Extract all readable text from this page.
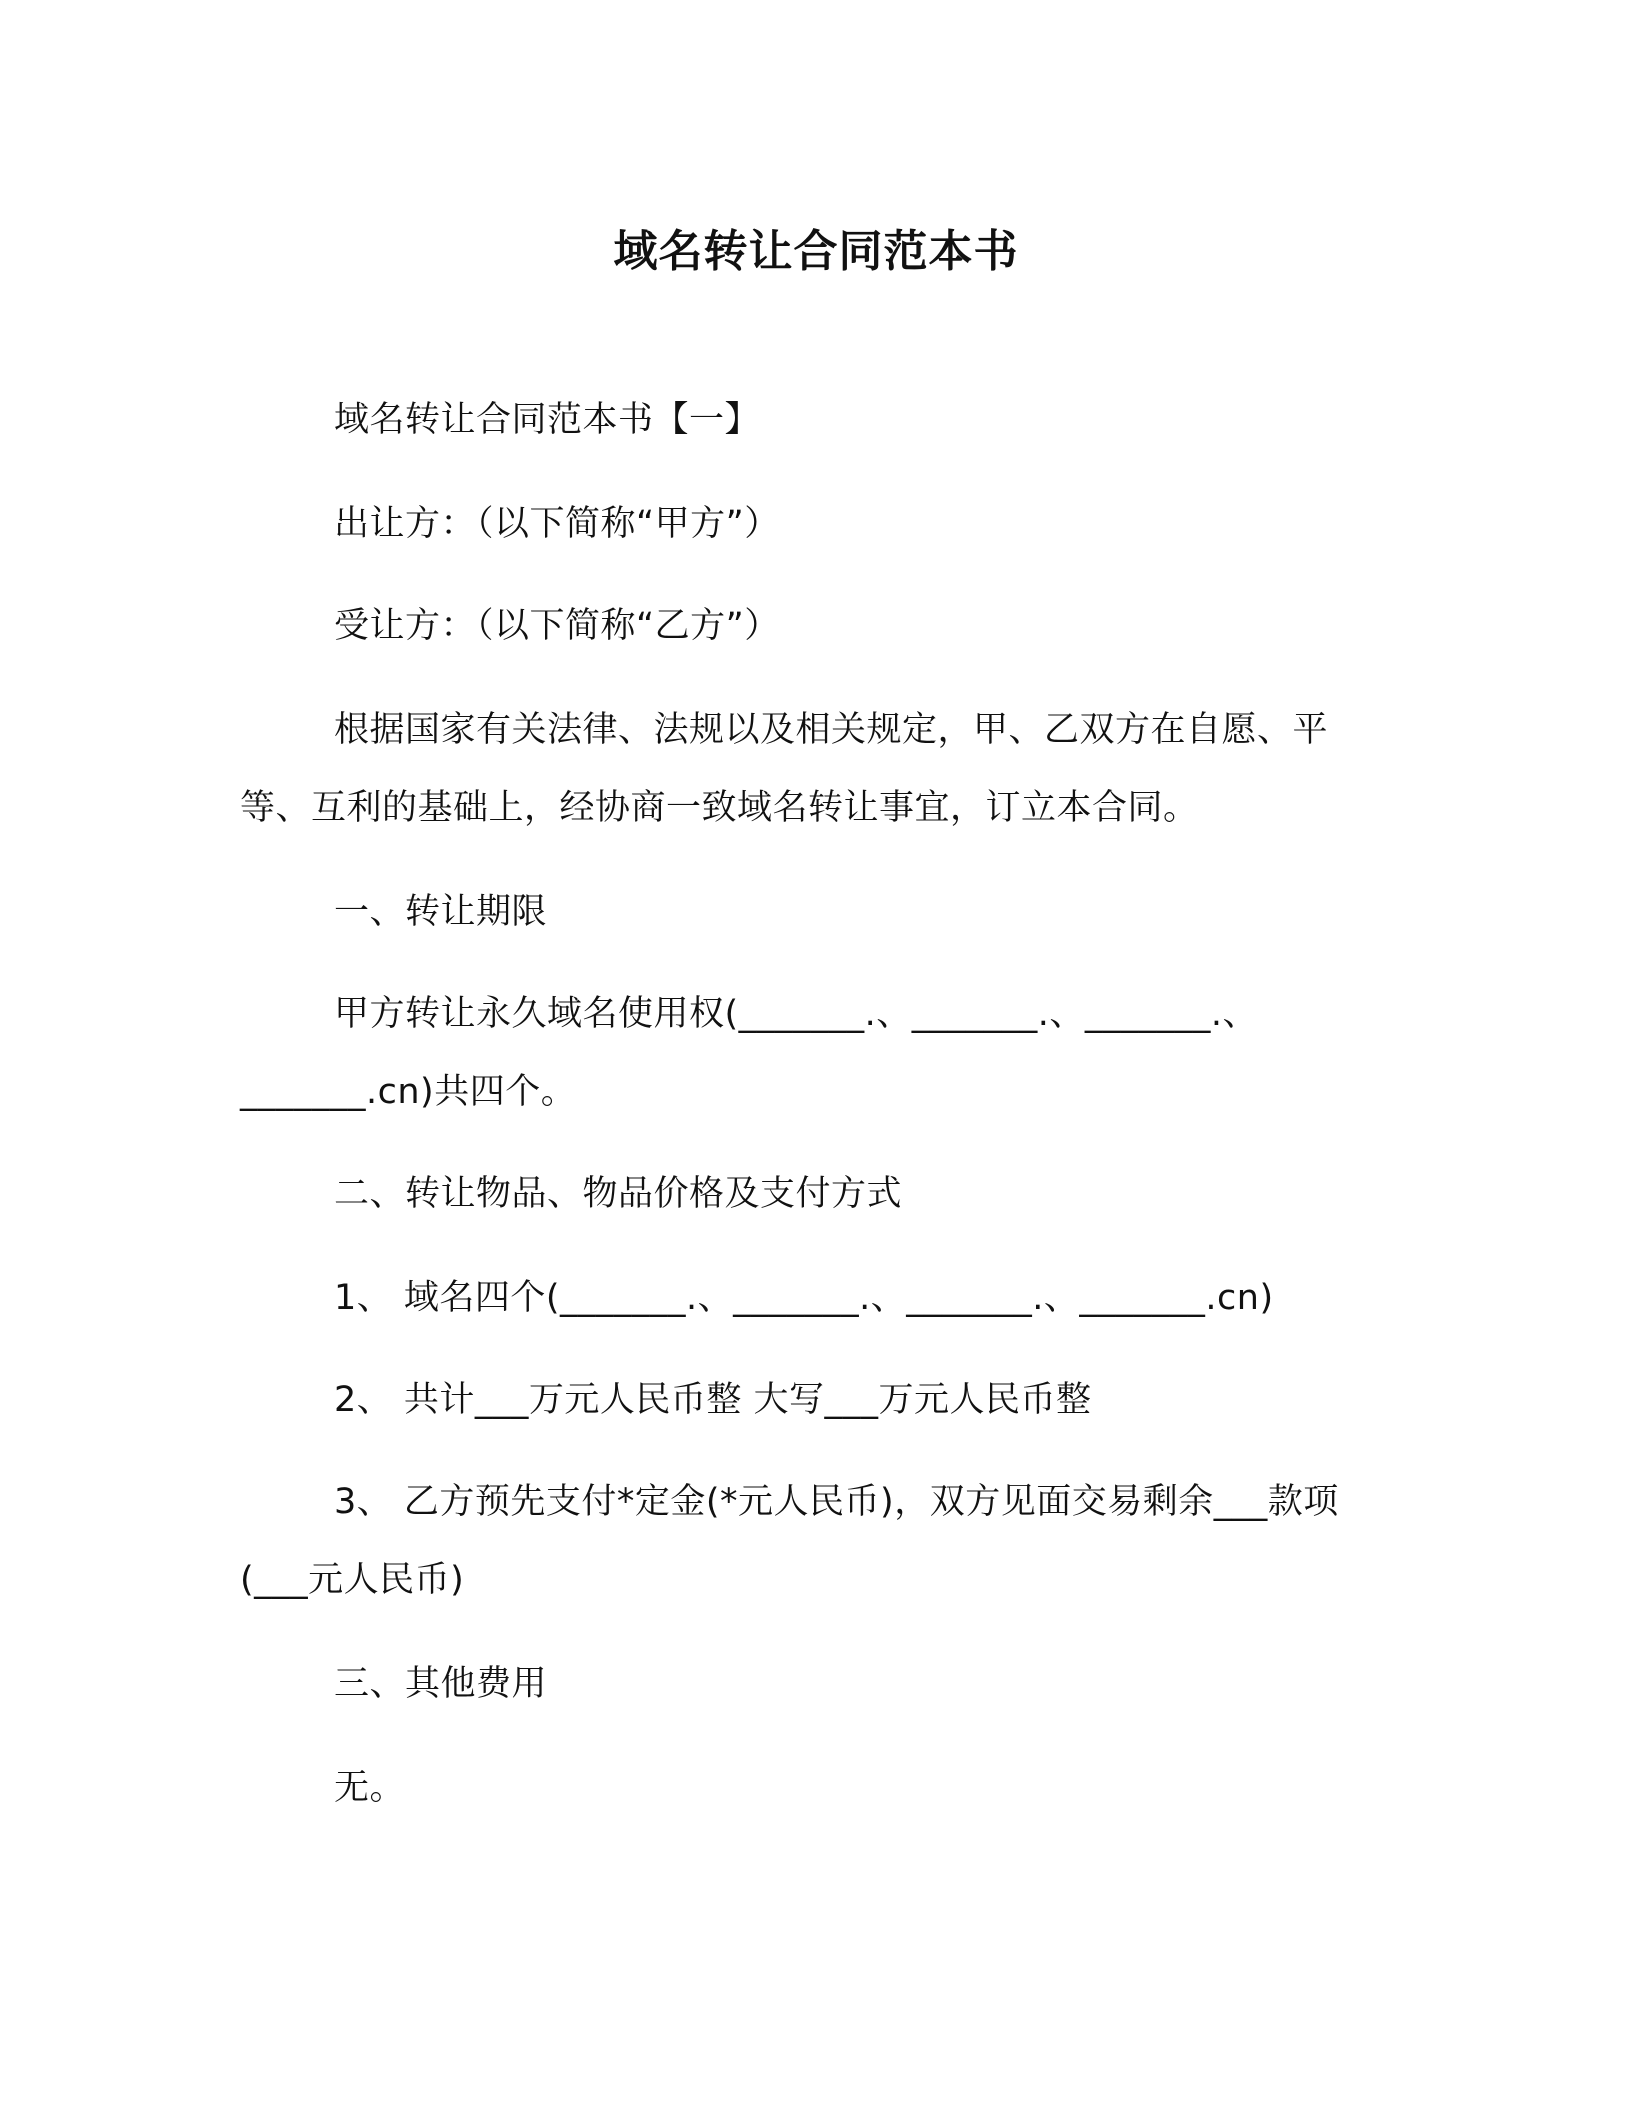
域名转让合同范本书
域名转让合同范本书【一】
出让方：（以下简称“甲方”）
受让方：（以下简称“乙方”）
根据国家有关法律、法规以及相关规定，甲、乙双方在自愿、平
等、互利的基础上，经协商一致域名转让事宜，订立本合同。
一、转让期限
甲方转让永久域名使用权(_______.、_______.、_______.、
_______.cn)共四个。
二、转让物品、物品价格及支付方式
1、 域名四个(_______.、_______.、_______.、_______.cn)
2、 共计___万元人民币整 大写___万元人民币整
3、 乙方预先支付*定金(*元人民币)，双方见面交易剩余___款项
(___元人民币)
三、其他费用
无。
